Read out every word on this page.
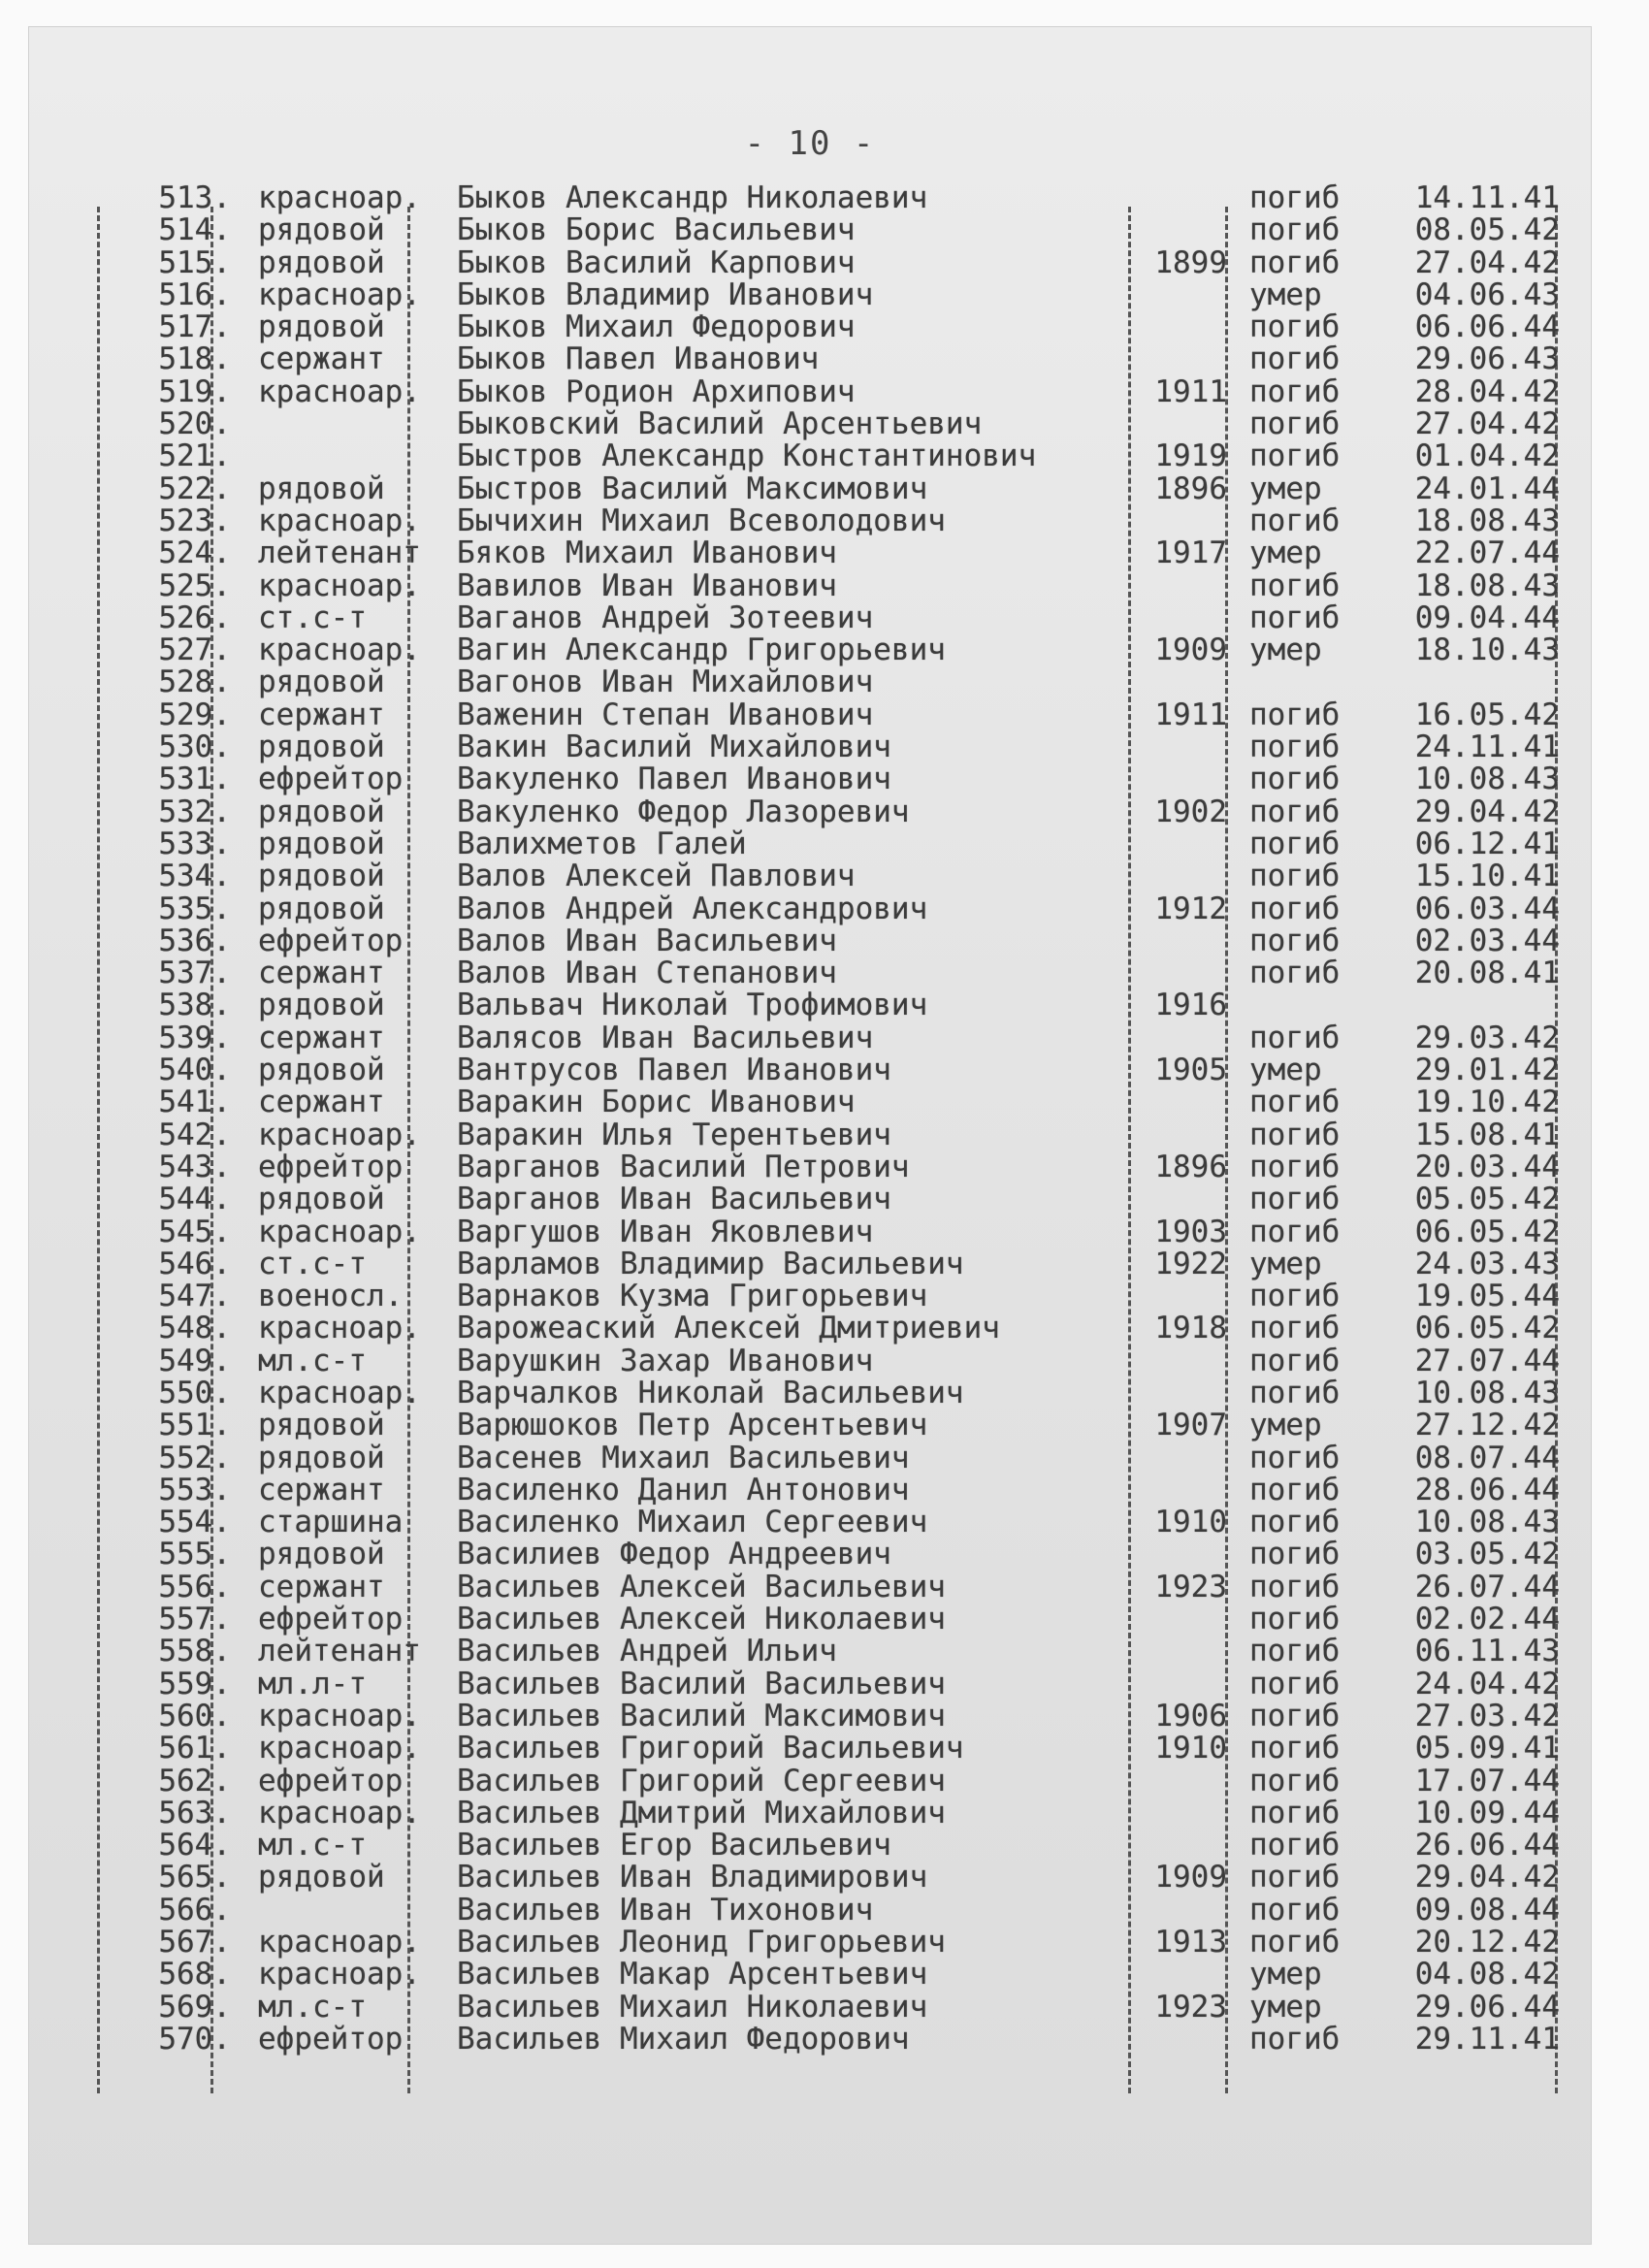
- 10 -
513. красноар.	Быков Александр Николаевич	погиб	14.11.41
514. рядовой	Быков Борис Васильевич	погиб	08.05.42
515. рядовой	Быков Василий Карпович	1899 погиб	27.04.42
516. красноар.	Быков Владимир Иванович	умер	04.06.43
517. рядовой	Быков Михаил Федорович	погиб	06.06.44
518. сержант	Быков Павел Иванович	погиб	29.06.43
519. красноар.	Быков Родион Архипович	1911 погиб	28.04.42
520.	Быковский Василий Арсентьевич	погиб	27.04.42
521.	Быстров Александр Константинович	1919 погиб	01.04.42
522. рядовой	Быстров Василий Максимович	1896 умер	24.01.44
523. красноар.	Бычихин Михаил Всеволодович	погиб	18.08.43
524. лейтенант	Бяков Михаил Иванович	1917 умер	22.07.44
525. красноар.	Вавилов Иван Иванович	погиб	18.08.43
526. ст.с-т	Ваганов Андрей Зотеевич	погиб	09.04.44
527. красноар.	Вагин Александр Григорьевич	1909 умер	18.10.43
528. рядовой	Вагонов Иван Михайлович
529. сержант	Важенин Степан Иванович	1911 погиб	16.05.42
530. рядовой	Вакин Василий Михайлович	погиб	24.11.41
531. ефрейтор	Вакуленко Павел Иванович	погиб	10.08.43
532. рядовой	Вакуленко Федор Лазоревич	1902 погиб	29.04.42
533. рядовой	Валихметов Галей	погиб	06.12.41
534. рядовой	Валов Алексей Павлович	погиб	15.10.41
535. рядовой	Валов Андрей Александрович	1912 погиб	06.03.44
536. ефрейтор	Валов Иван Васильевич	погиб	02.03.44
537. сержант	Валов Иван Степанович	погиб	20.08.41
538. рядовой	Вальвач Николай Трофимович	1916
539. сержант	Валясов Иван Васильевич	погиб	29.03.42
540. рядовой	Вантрусов Павел Иванович	1905 умер	29.01.42
541. сержант	Варакин Борис Иванович	погиб	19.10.42
542. красноар.	Варакин Илья Терентьевич	погиб	15.08.41
543. ефрейтор	Варганов Василий Петрович	1896 погиб	20.03.44
544. рядовой	Варганов Иван Васильевич	погиб	05.05.42
545. красноар.	Варгушов Иван Яковлевич	1903 погиб	06.05.42
546. ст.с-т	Варламов Владимир Васильевич	1922 умер	24.03.43
547. военосл.	Варнаков Кузма Григорьевич	погиб	19.05.44
548. красноар.	Варожеаский Алексей Дмитриевич	1918 погиб	06.05.42
549. мл.с-т	Варушкин Захар Иванович	погиб	27.07.44
550. красноар.	Варчалков Николай Васильевич	погиб	10.08.43
551. рядовой	Варюшоков Петр Арсентьевич	1907 умер	27.12.42
552. рядовой	Васенев Михаил Васильевич	погиб	08.07.44
553. сержант	Василенко Данил Антонович	погиб	28.06.44
554. старшина	Василенко Михаил Сергеевич	1910 погиб	10.08.43
555. рядовой	Василиев Федор Андреевич	погиб	03.05.42
556. сержант	Васильев Алексей Васильевич	1923 погиб	26.07.44
557. ефрейтор	Васильев Алексей Николаевич	погиб	02.02.44
558. лейтенант	Васильев Андрей Ильич	погиб	06.11.43
559. мл.л-т	Васильев Василий Васильевич	погиб	24.04.42
560. красноар.	Васильев Василий Максимович	1906 погиб	27.03.42
561. красноар.	Васильев Григорий Васильевич	1910 погиб	05.09.41
562. ефрейтор	Васильев Григорий Сергеевич	погиб	17.07.44
563. красноар.	Васильев Дмитрий Михайлович	погиб	10.09.44
564. мл.с-т	Васильев Егор Васильевич	погиб	26.06.44
565. рядовой	Васильев Иван Владимирович	1909 погиб	29.04.42
566.	Васильев Иван Тихонович	погиб	09.08.44
567. красноар.	Васильев Леонид Григорьевич	1913 погиб	20.12.42
568. красноар.	Васильев Макар Арсентьевич	умер	04.08.42
569. мл.с-т	Васильев Михаил Николаевич	1923 умер	29.06.44
570. ефрейтор	Васильев Михаил Федорович	погиб	29.11.41
